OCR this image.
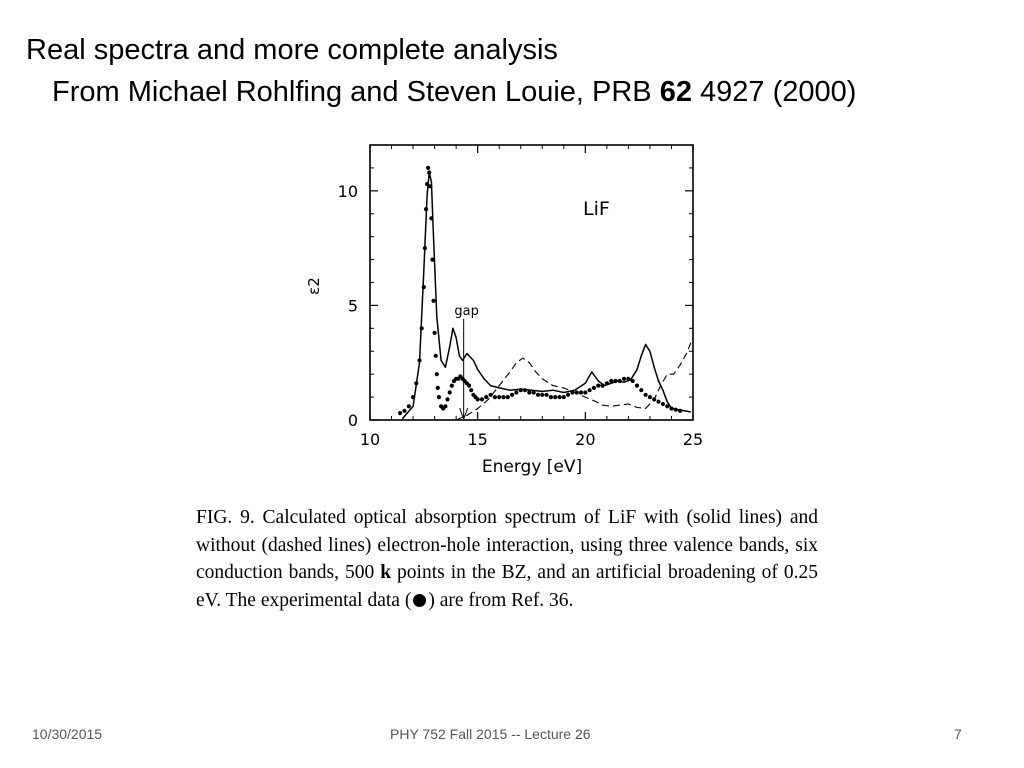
Real spectra and more complete analysis
From Michael Rohlfing and Steven Louie, PRB 62 4927 (2000)
10	15	20	25
0
5
10
LiF
gap
Energy [eV]
ε2
FIG. 9. Calculated optical absorption spectrum of LiF with (solid lines) and without (dashed lines) electron-hole interaction, using three valence bands, six conduction bands, 500 k points in the BZ, and an artificial broadening of 0.25 eV. The experimental data ( ) are from Ref. 36.
10/30/2015	PHY 752 Fall 2015 -- Lecture 26	7
